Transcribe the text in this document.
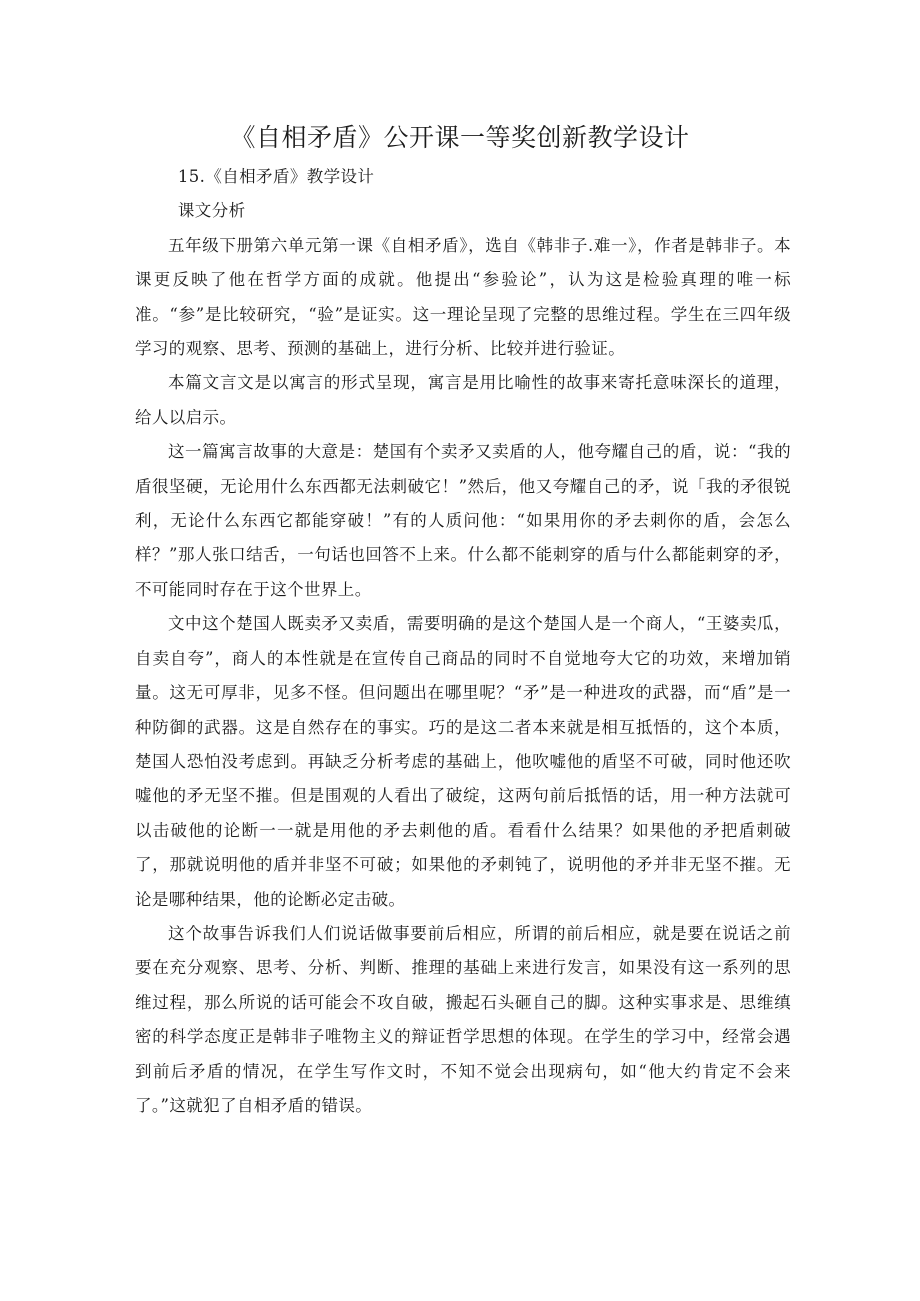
《自相矛盾》公开课一等奖创新教学设计

15.《自相矛盾》教学设计

课文分析

五年级下册第六单元第一课《自相矛盾》，选自《韩非子.难一》，作者是韩非子。本课更反映了他在哲学方面的成就。他提出“参验论”，认为这是检验真理的唯一标准。“参”是比较研究，“验”是证实。这一理论呈现了完整的思维过程。学生在三四年级学习的观察、思考、预测的基础上，进行分析、比较并进行验证。

本篇文言文是以寓言的形式呈现，寓言是用比喻性的故事来寄托意味深长的道理，给人以启示。

这一篇寓言故事的大意是：楚国有个卖矛又卖盾的人，他夸耀自己的盾，说：“我的盾很坚硬，无论用什么东西都无法刺破它！”然后，他又夸耀自己的矛，说「我的矛很锐利，无论什么东西它都能穿破！”有的人质问他：“如果用你的矛去刺你的盾，会怎么样？”那人张口结舌，一句话也回答不上来。什么都不能刺穿的盾与什么都能刺穿的矛，不可能同时存在于这个世界上。

文中这个楚国人既卖矛又卖盾，需要明确的是这个楚国人是一个商人，“王婆卖瓜，自卖自夸”，商人的本性就是在宣传自己商品的同时不自觉地夸大它的功效，来增加销量。这无可厚非，见多不怪。但问题出在哪里呢？“矛”是一种进攻的武器，而“盾”是一种防御的武器。这是自然存在的事实。巧的是这二者本来就是相互抵悟的，这个本质，楚国人恐怕没考虑到。再缺乏分析考虑的基础上，他吹嘘他的盾坚不可破，同时他还吹嘘他的矛无坚不摧。但是围观的人看出了破绽，这两句前后抵悟的话，用一种方法就可以击破他的论断一一就是用他的矛去刺他的盾。看看什么结果？如果他的矛把盾刺破了，那就说明他的盾并非坚不可破；如果他的矛刺钝了，说明他的矛并非无坚不摧。无论是哪种结果，他的论断必定击破。

这个故事告诉我们人们说话做事要前后相应，所谓的前后相应，就是要在说话之前要在充分观察、思考、分析、判断、推理的基础上来进行发言，如果没有这一系列的思维过程，那么所说的话可能会不攻自破，搬起石头砸自己的脚。这种实事求是、思维缜密的科学态度正是韩非子唯物主义的辩证哲学思想的体现。在学生的学习中，经常会遇到前后矛盾的情况，在学生写作文时，不知不觉会出现病句，如“他大约肯定不会来了。”这就犯了自相矛盾的错误。
